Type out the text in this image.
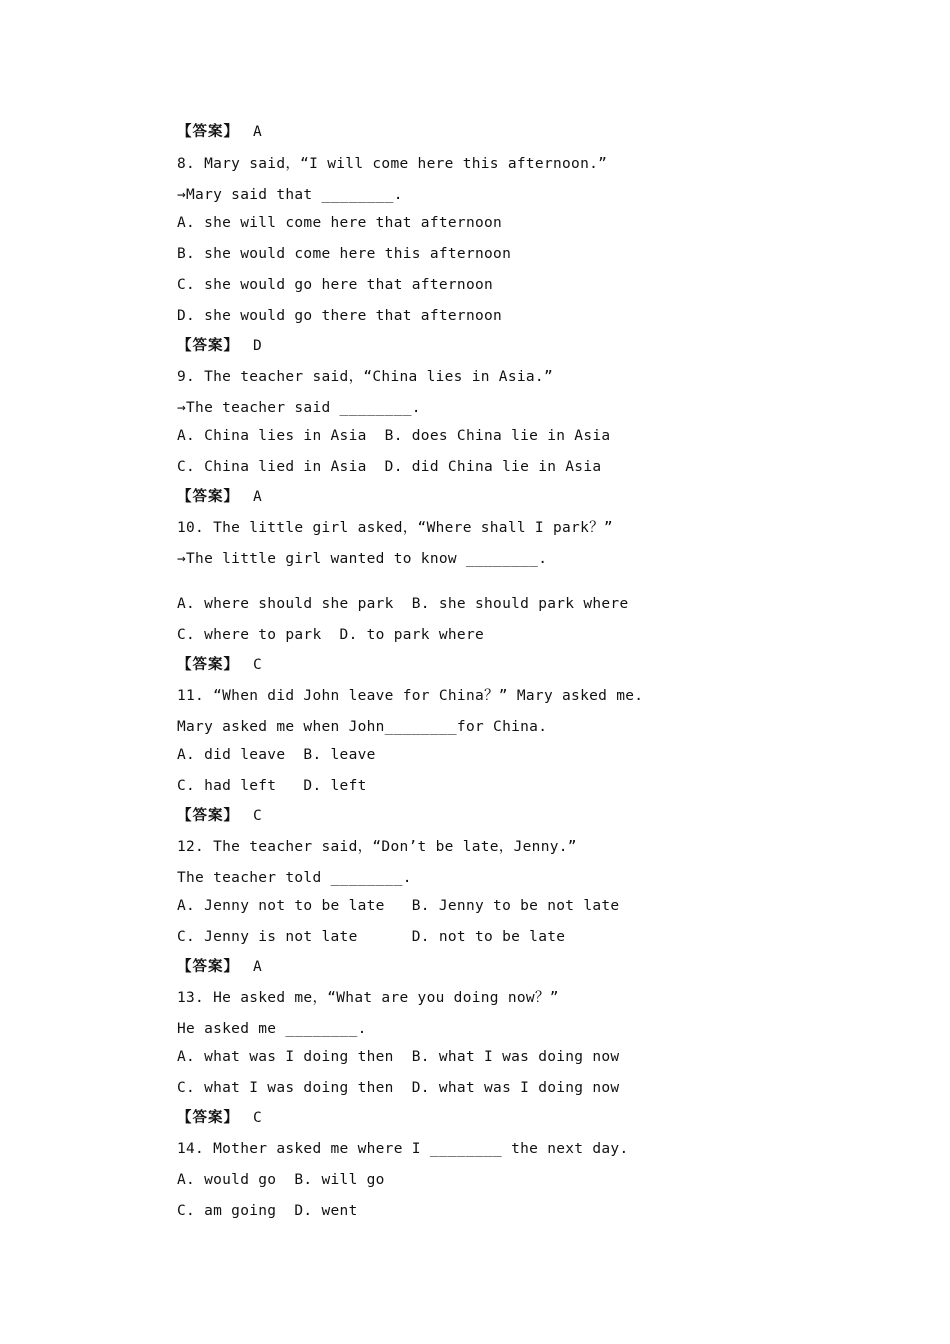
【答案】 A
8. Mary said，“I will come here this afternoon.”
→Mary said that ________.
A. she will come here that afternoon
B. she would come here this afternoon
C. she would go here that afternoon
D. she would go there that afternoon
【答案】 D
9. The teacher said，“China lies in Asia.”
→The teacher said ________.
A. China lies in Asia  B. does China lie in Asia
C. China lied in Asia  D. did China lie in Asia
【答案】 A
10. The little girl asked，“Where shall I park？”
→The little girl wanted to know ________.
A. where should she park  B. she should park where
C. where to park  D. to park where
【答案】 C
11. “When did John leave for China？” Mary asked me.
Mary asked me when John________for China.
A. did leave  B. leave
C. had left   D. left
【答案】 C
12. The teacher said，“Don’t be late，Jenny.”
The teacher told ________.
A. Jenny not to be late   B. Jenny to be not late
C. Jenny is not late      D. not to be late
【答案】 A
13. He asked me，“What are you doing now？”
He asked me ________.
A. what was I doing then  B. what I was doing now
C. what I was doing then  D. what was I doing now
【答案】 C
14. Mother asked me where I ________ the next day.
A. would go  B. will go
C. am going  D. went
